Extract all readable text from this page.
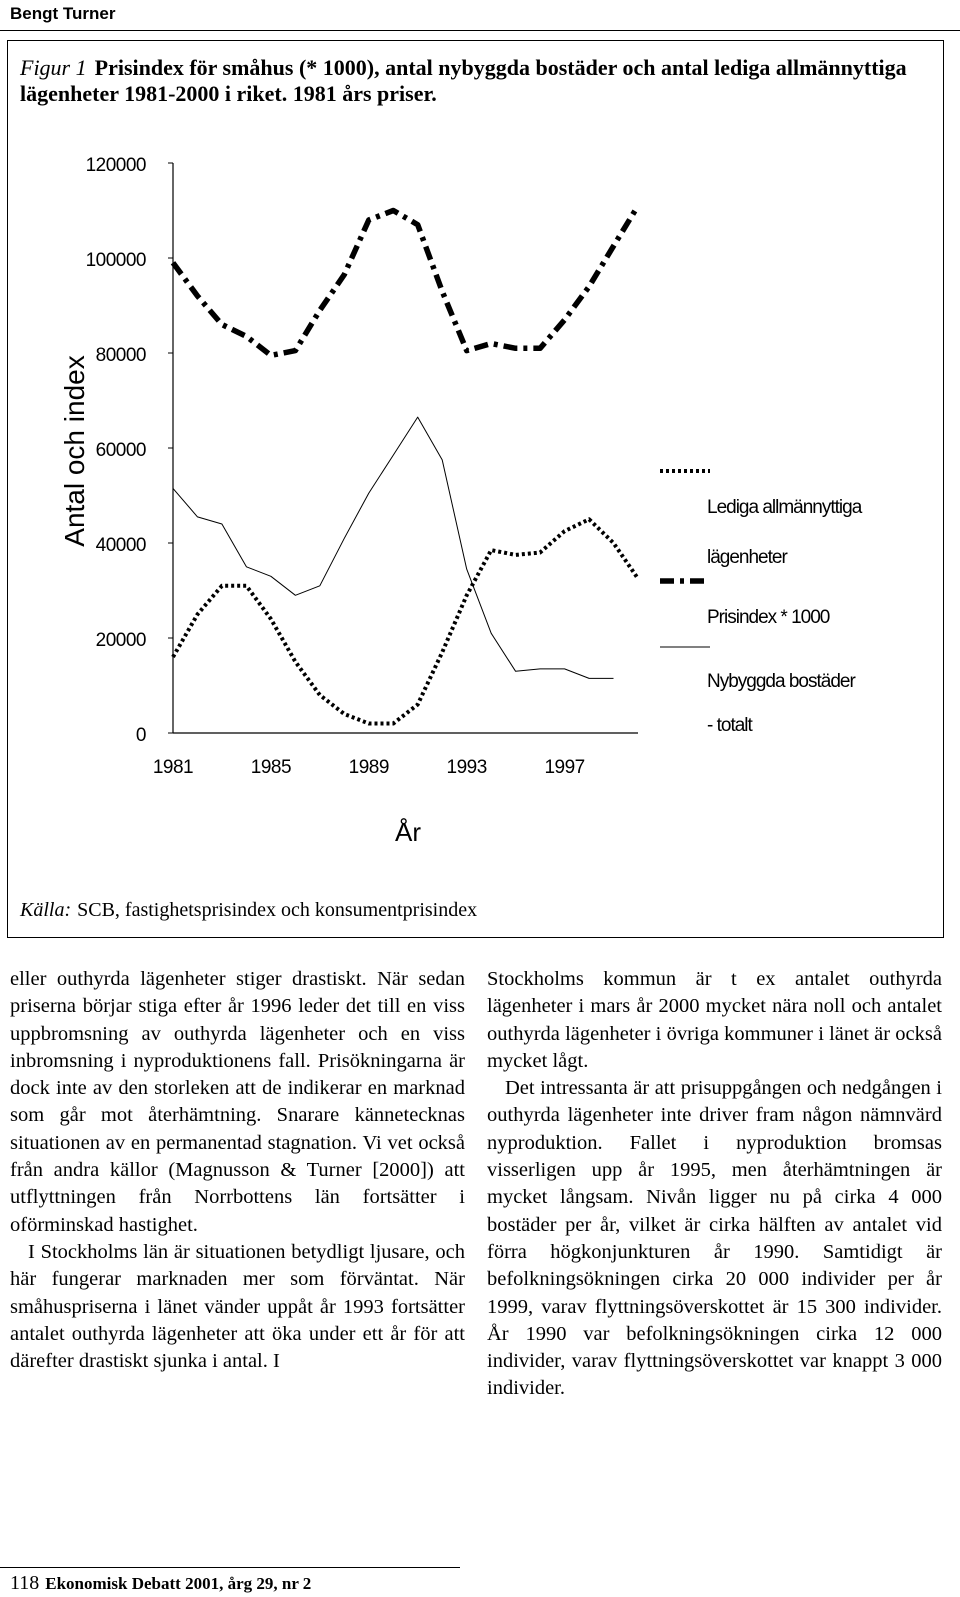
Bengt Turner
Figur 1 Prisindex för småhus (* 1000), antal nybyggda bostäder och antal lediga allmännyttiga lägenheter 1981-2000 i riket. 1981 års priser.
0
20000
40000
60000
80000
100000
120000
1981	1985	1989	1993	1997
Lediga allmännyttiga
lägenheter
Prisindex * 1000
Nybyggda bostäder
- totalt
Antal och index
År
Källa: SCB, fastighetsprisindex och konsumentprisindex

eller outhyrda lägenheter stiger drastiskt. När sedan priserna börjar stiga efter år 1996 leder det till en viss uppbromsning av outhyrda lägenheter och en viss inbromsning i nyproduktionens fall. Prisökningarna är dock inte av den storleken att de indikerar en marknad som går mot återhämtning. Snarare kännetecknas situationen av en permanentad stagnation. Vi vet också från andra källor (Magnusson & Turner [2000]) att utflyttningen från Norrbottens län fortsätter i oförminskad hastighet.

I Stockholms län är situationen betydligt ljusare, och här fungerar marknaden mer som förväntat. När småhuspriserna i länet vänder uppåt år 1993 fortsätter antalet outhyrda lägenheter att öka under ett år för att därefter drastiskt sjunka i antal. I

Stockholms kommun är t ex antalet outhyrda lägenheter i mars år 2000 mycket nära noll och antalet outhyrda lägenheter i övriga kommuner i länet är också mycket lågt.

Det intressanta är att prisuppgången och nedgången i outhyrda lägenheter inte driver fram någon nämnvärd nyproduktion. Fallet i nyproduktion bromsas visserligen upp år 1995, men återhämtningen är mycket långsam. Nivån ligger nu på cirka 4 000 bostäder per år, vilket är cirka hälften av antalet vid förra högkonjunkturen år 1990. Samtidigt är befolkningsökningen cirka 20 000 individer per år 1999, varav flyttningsöverskottet är 15 300 individer. År 1990 var befolkningsökningen cirka 12 000 individer, varav flyttningsöverskottet var knappt 3 000 individer.

118 Ekonomisk Debatt 2001, årg 29, nr 2
